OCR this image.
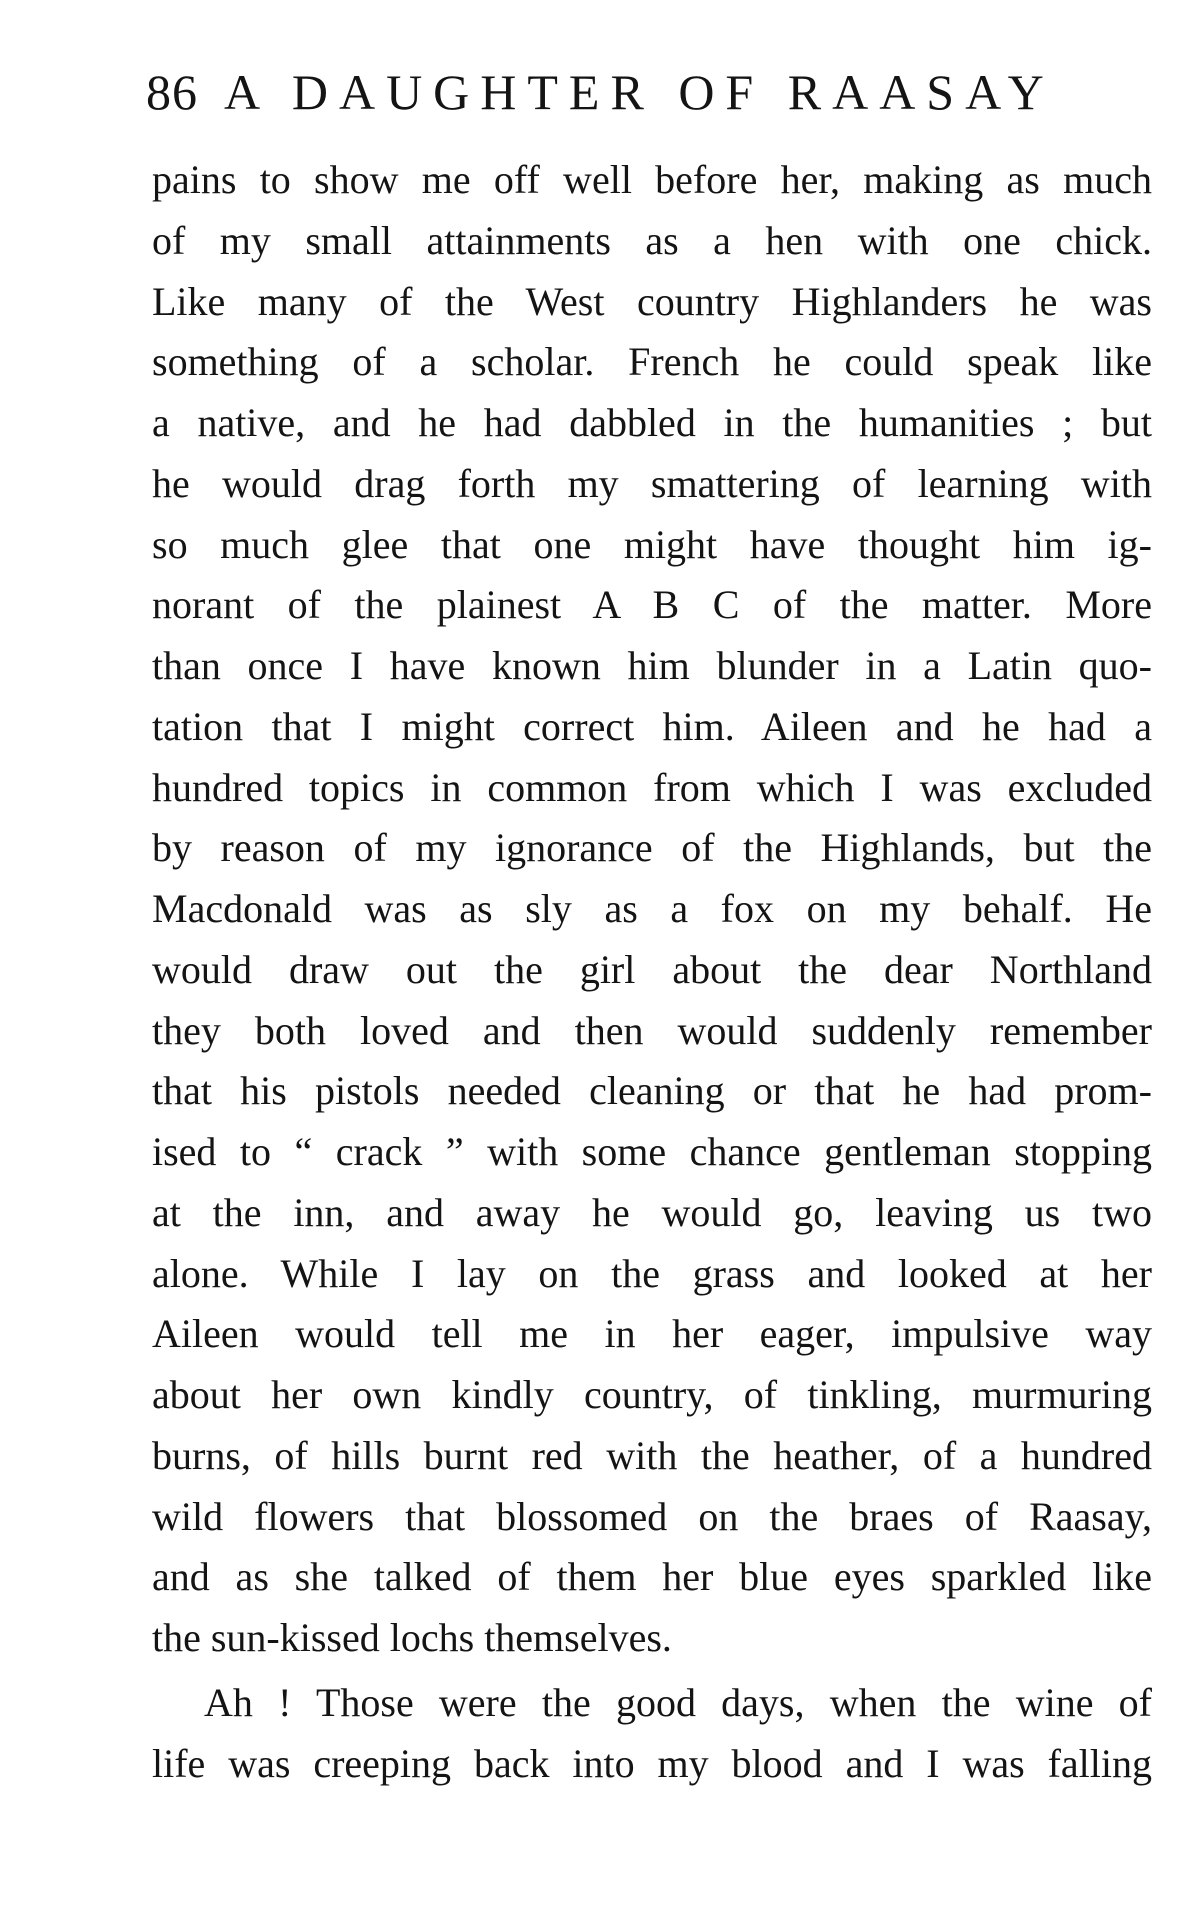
86 A DAUGHTER OF RAASAY
pains to show me off well before her, making as much
of my small attainments as a hen with one chick.
Like many of the West country Highlanders he was
something of a scholar. French he could speak like
a native, and he had dabbled in the humanities ; but
he would drag forth my smattering of learning with
so much glee that one might have thought him ig-
norant of the plainest A B C of the matter. More
than once I have known him blunder in a Latin quo-
tation that I might correct him. Aileen and he had a
hundred topics in common from which I was excluded
by reason of my ignorance of the Highlands, but the
Macdonald was as sly as a fox on my behalf. He
would draw out the girl about the dear Northland
they both loved and then would suddenly remember
that his pistols needed cleaning or that he had prom-
ised to “ crack ” with some chance gentleman stopping
at the inn, and away he would go, leaving us two
alone. While I lay on the grass and looked at her
Aileen would tell me in her eager, impulsive way
about her own kindly country, of tinkling, murmuring
burns, of hills burnt red with the heather, of a hundred
wild flowers that blossomed on the braes of Raasay,
and as she talked of them her blue eyes sparkled like
the sun-kissed lochs themselves.
Ah ! Those were the good days, when the wine of
life was creeping back into my blood and I was falling
